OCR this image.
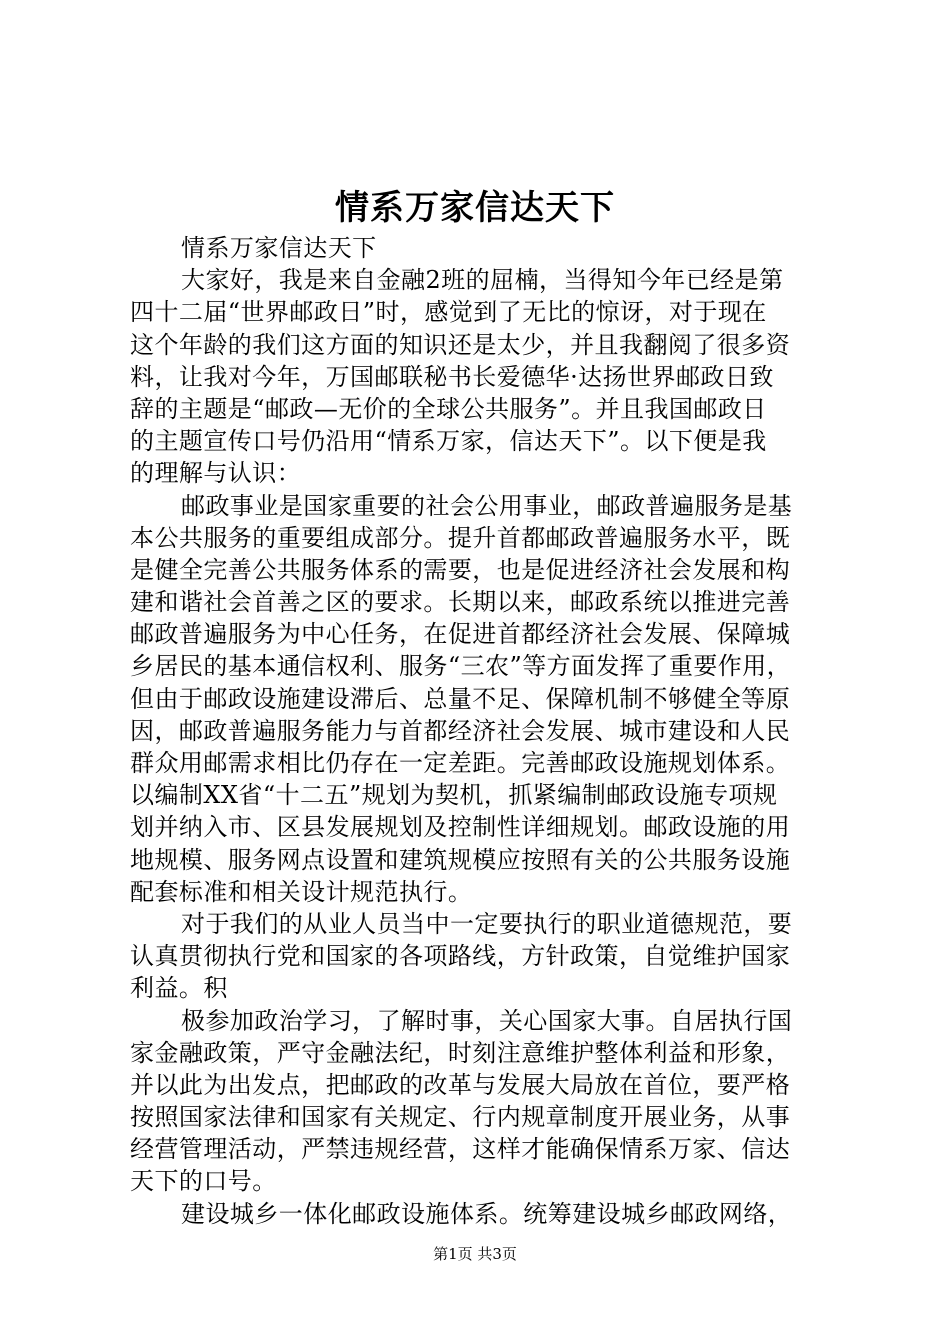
情系万家信达天下
情系万家信达天下
大家好，我是来自金融2班的屈楠，当得知今年已经是第
四十二届“世界邮政日”时，感觉到了无比的惊讶，对于现在
这个年龄的我们这方面的知识还是太少，并且我翻阅了很多资
料，让我对今年，万国邮联秘书长爱德华·达扬世界邮政日致
辞的主题是“邮政—无价的全球公共服务”。并且我国邮政日
的主题宣传口号仍沿用“情系万家，信达天下”。以下便是我
的理解与认识：
邮政事业是国家重要的社会公用事业，邮政普遍服务是基
本公共服务的重要组成部分。提升首都邮政普遍服务水平，既
是健全完善公共服务体系的需要，也是促进经济社会发展和构
建和谐社会首善之区的要求。长期以来，邮政系统以推进完善
邮政普遍服务为中心任务，在促进首都经济社会发展、保障城
乡居民的基本通信权利、服务“三农”等方面发挥了重要作用，
但由于邮政设施建设滞后、总量不足、保障机制不够健全等原
因，邮政普遍服务能力与首都经济社会发展、城市建设和人民
群众用邮需求相比仍存在一定差距。完善邮政设施规划体系。
以编制XX省“十二五”规划为契机，抓紧编制邮政设施专项规
划并纳入市、区县发展规划及控制性详细规划。邮政设施的用
地规模、服务网点设置和建筑规模应按照有关的公共服务设施
配套标准和相关设计规范执行。
对于我们的从业人员当中一定要执行的职业道德规范，要
认真贯彻执行党和国家的各项路线，方针政策，自觉维护国家
利益。积
极参加政治学习，了解时事，关心国家大事。自居执行国
家金融政策，严守金融法纪，时刻注意维护整体利益和形象，
并以此为出发点，把邮政的改革与发展大局放在首位，要严格
按照国家法律和国家有关规定、行内规章制度开展业务，从事
经营管理活动，严禁违规经营，这样才能确保情系万家、信达
天下的口号。
建设城乡一体化邮政设施体系。统筹建设城乡邮政网络，
第1页 共3页
